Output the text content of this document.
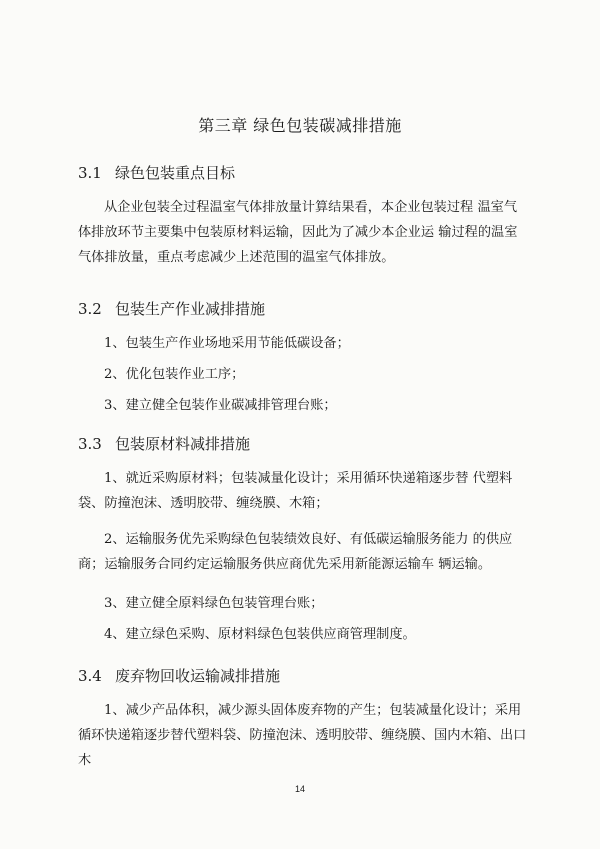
第三章 绿色包装碳减排措施
3.1 绿色包装重点目标
从企业包装全过程温室气体排放量计算结果看，本企业包装过程 温室气体排放环节主要集中包装原材料运输，因此为了减少本企业运 输过程的温室气体排放量，重点考虑减少上述范围的温室气体排放。
3.2 包装生产作业减排措施
1、包装生产作业场地采用节能低碳设备；
2、优化包装作业工序；
3、建立健全包装作业碳减排管理台账；
3.3 包装原材料减排措施
1、就近采购原材料；包装减量化设计；采用循环快递箱逐步替 代塑料袋、防撞泡沫、透明胶带、缠绕膜、木箱；
2、运输服务优先采购绿色包装绩效良好、有低碳运输服务能力 的供应商；运输服务合同约定运输服务供应商优先采用新能源运输车 辆运输。
3、建立健全原料绿色包装管理台账；
4、建立绿色采购、原材料绿色包装供应商管理制度。
3.4 废弃物回收运输减排措施
1、减少产品体积，减少源头固体废弃物的产生；包装减量化设计；采用循环快递箱逐步替代塑料袋、防撞泡沫、透明胶带、缠绕膜、国内木箱、出口木
14
